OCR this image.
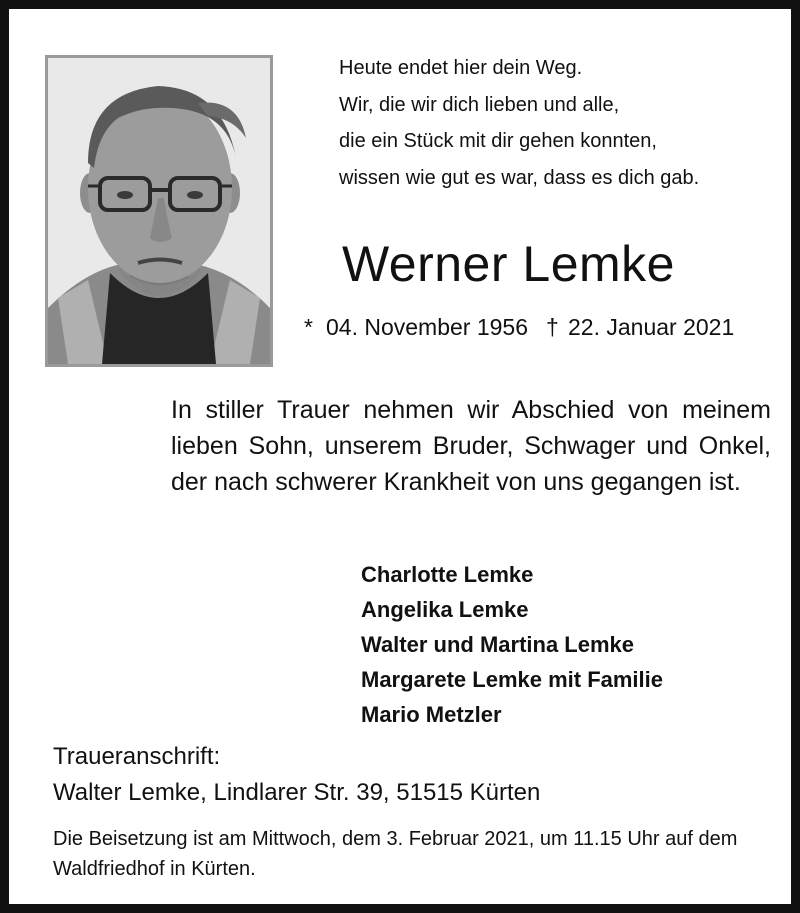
Heute endet hier dein Weg.
Wir, die wir dich lieben und alle,
die ein Stück mit dir gehen konnten,
wissen wie gut es war, dass es dich gab.
Werner Lemke
* 04. November 1956 † 22. Januar 2021
In stiller Trauer nehmen wir Abschied von meinem lieben Sohn, unserem Bruder, Schwager und Onkel, der nach schwerer Krankheit von uns gegangen ist.
Charlotte Lemke
Angelika Lemke
Walter und Martina Lemke
Margarete Lemke mit Familie
Mario Metzler
Traueranschrift:
Walter Lemke, Lindlarer Str. 39, 51515 Kürten
Die Beisetzung ist am Mittwoch, dem 3. Februar 2021, um 11.15 Uhr auf dem Waldfriedhof in Kürten.
